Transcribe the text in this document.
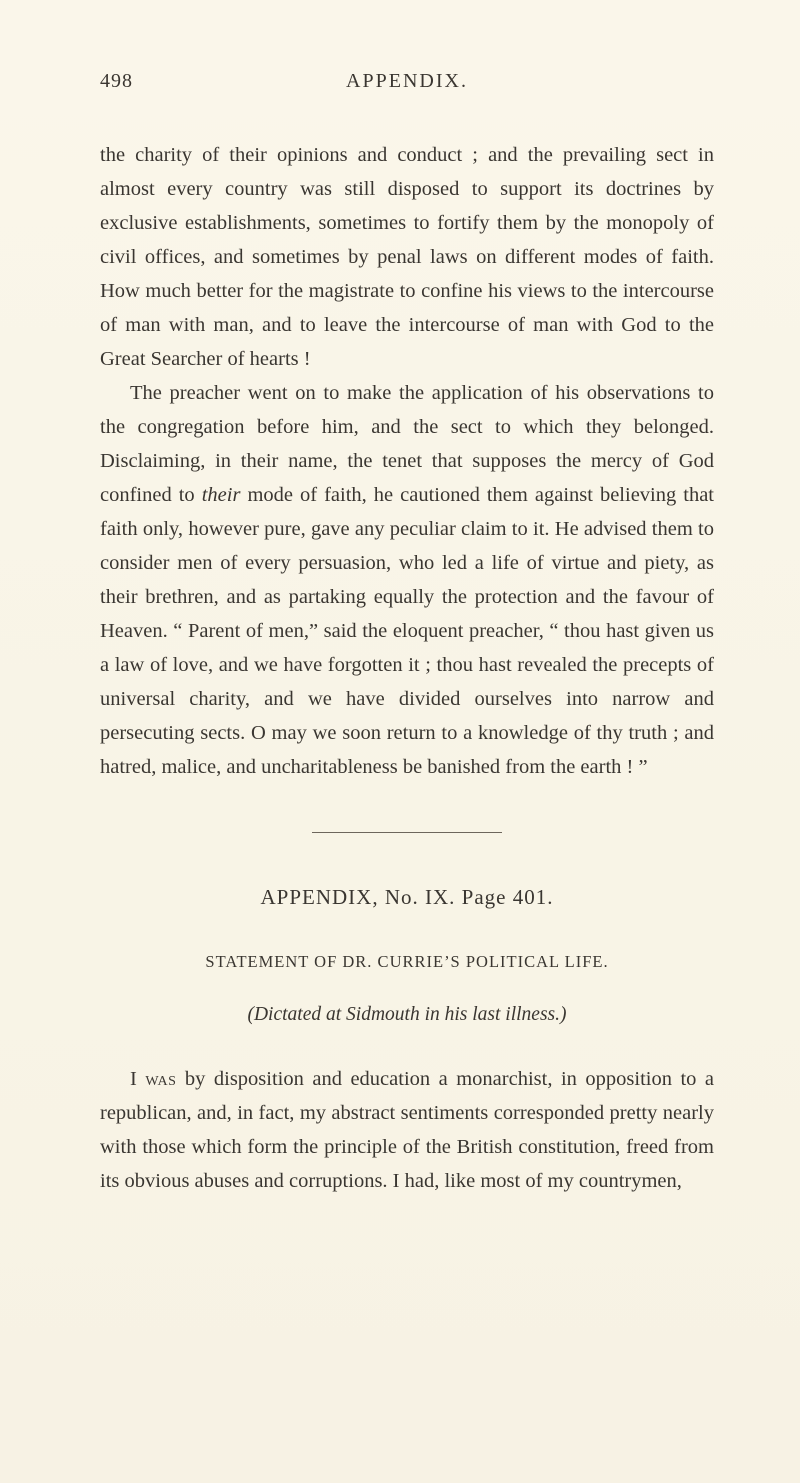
498	APPENDIX.

the charity of their opinions and conduct ; and the prevailing sect in almost every country was still disposed to support its doctrines by exclusive establishments, sometimes to fortify them by the monopoly of civil offices, and sometimes by penal laws on different modes of faith. How much better for the magistrate to confine his views to the intercourse of man with man, and to leave the intercourse of man with God to the Great Searcher of hearts !

The preacher went on to make the application of his observations to the congregation before him, and the sect to which they belonged. Disclaiming, in their name, the tenet that supposes the mercy of God confined to their mode of faith, he cautioned them against believing that faith only, however pure, gave any peculiar claim to it. He advised them to consider men of every persuasion, who led a life of virtue and piety, as their brethren, and as partaking equally the protection and the favour of Heaven. “ Parent of men,” said the eloquent preacher, “ thou hast given us a law of love, and we have forgotten it ; thou hast revealed the precepts of universal charity, and we have divided ourselves into narrow and persecuting sects. O may we soon return to a knowledge of thy truth ; and hatred, malice, and uncharitableness be banished from the earth ! ”

APPENDIX, No. IX. Page 401.
STATEMENT OF DR. CURRIE’S POLITICAL LIFE.
(Dictated at Sidmouth in his last illness.)

I was by disposition and education a monarchist, in opposition to a republican, and, in fact, my abstract sentiments corresponded pretty nearly with those which form the principle of the British constitution, freed from its obvious abuses and corruptions. I had, like most of my countrymen,
